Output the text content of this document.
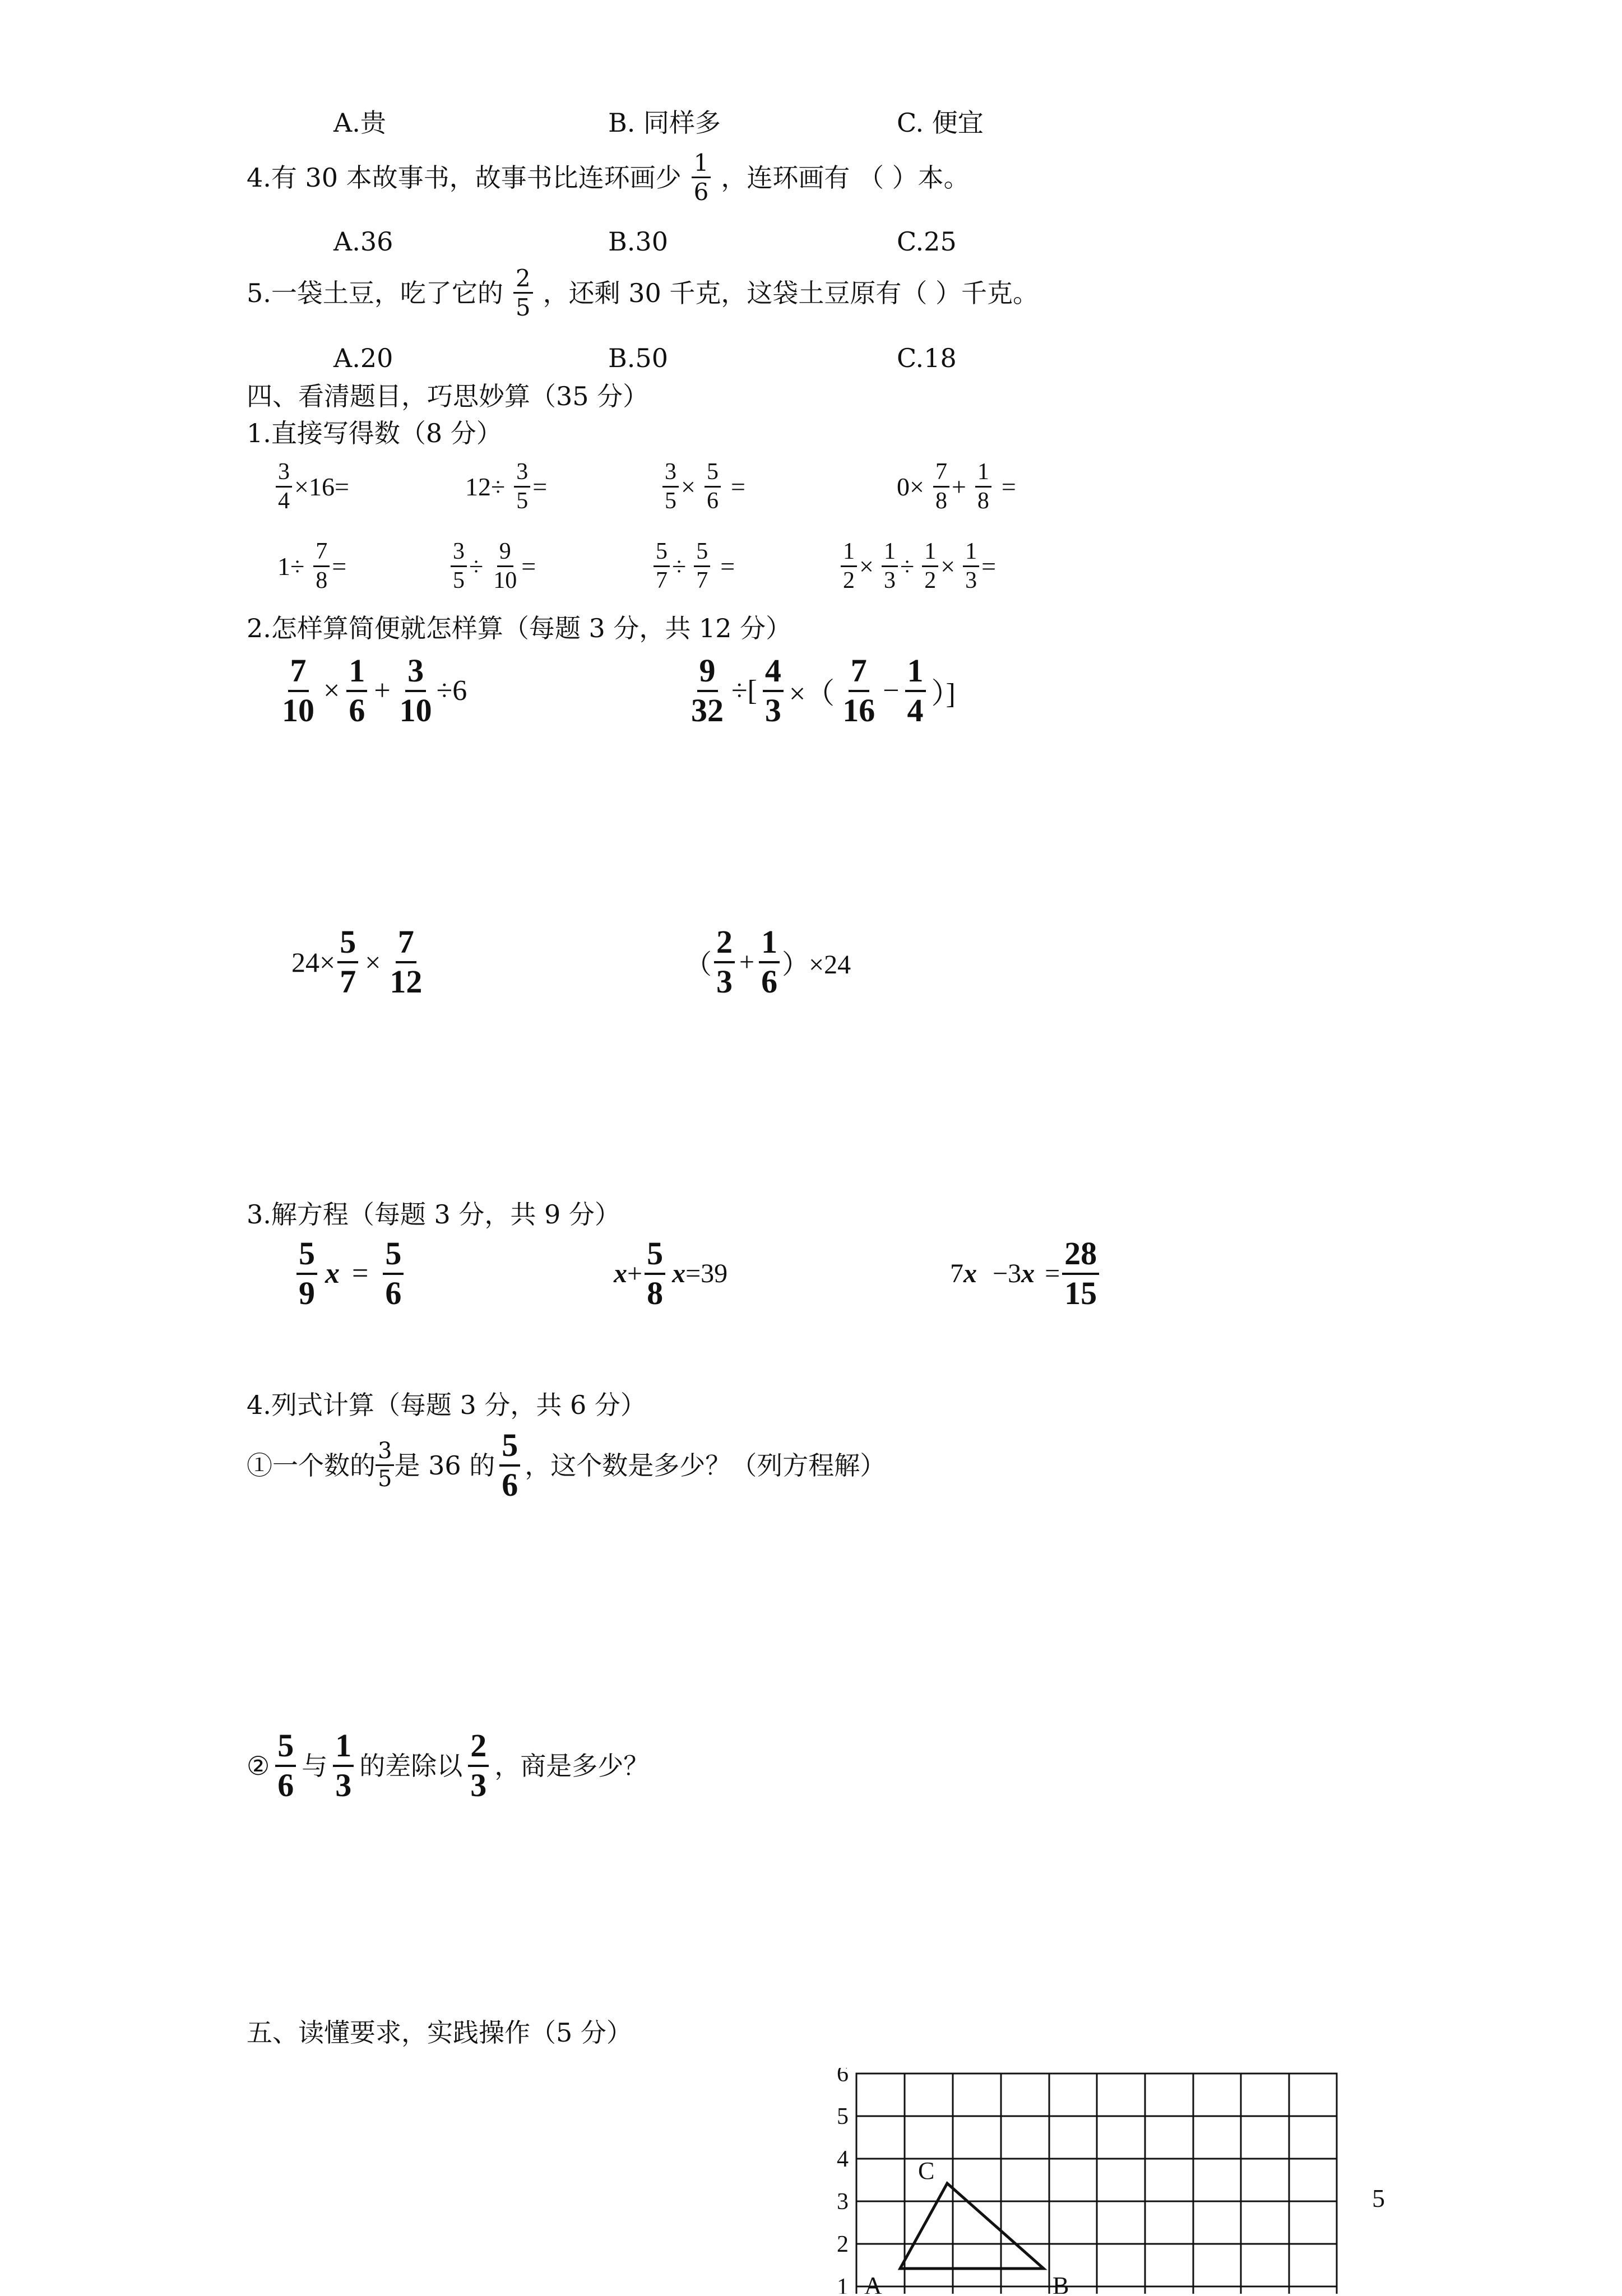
A.贵	B. 同样多	C. 便宜
4.有 30 本故事书，故事书比连环画少 $\frac{1}{6}$ ，连环画有 （ ）本。
A.36	B.30	C.25
5.一袋土豆，吃了它的 $\frac{2}{5}$ ，还剩 30 千克，这袋土豆原有（ ）千克。
A.20	B.50	C.18
四、看清题目，巧思妙算（35 分）
1.直接写得数（8 分）
$\frac{3}{4} \times 16=$	$12\div \frac{3}{5}$ =	$\frac{3}{5} \times \frac{5}{6}$ =	$0\times \frac{7}{8} + \frac{1}{8}$ =
$1\div \frac{7}{8}$ =	$\frac{3}{5} \div \frac{9}{10}$ =	$\frac{5}{7} \div \frac{5}{7}$ =	$\frac{1}{2} \times \frac{1}{3} \div \frac{1}{2} \times \frac{1}{3}$ =
2.怎样算简便就怎样算（每题 3 分，共 12 分）
$\frac{7}{10} \times \frac{1}{6} + \frac{3}{10} \div 6$	$\frac{9}{32}$ ÷[ $\frac{4}{3}$ ×（ $\frac{7}{16} - \frac{1}{4}$ ）]
$24\times \frac{5}{7} \times \frac{7}{12}$	（ $\frac{2}{3} + \frac{1}{6} )\times 24$
3.解方程（每题 3 分，共 9 分）
$\frac{5}{9}$ $x = \frac{5}{6}$	$x + \frac{5}{8}$ x =39	7 x −3 $x = \frac{28}{15}$
4.列式计算（每题 3 分，共 6 分）
①一个数的 $\frac{3}{5}$ 是 36 的 $\frac{5}{6}$ ，这个数是多少？（列方程解）
② $\frac{5}{6}$ 与 $\frac{1}{3}$ 的差除以 $\frac{2}{3}$ ，商是多少？
五、读懂要求，实践操作（5 分）
5
6
5
4
3
2
1
C
A	B
